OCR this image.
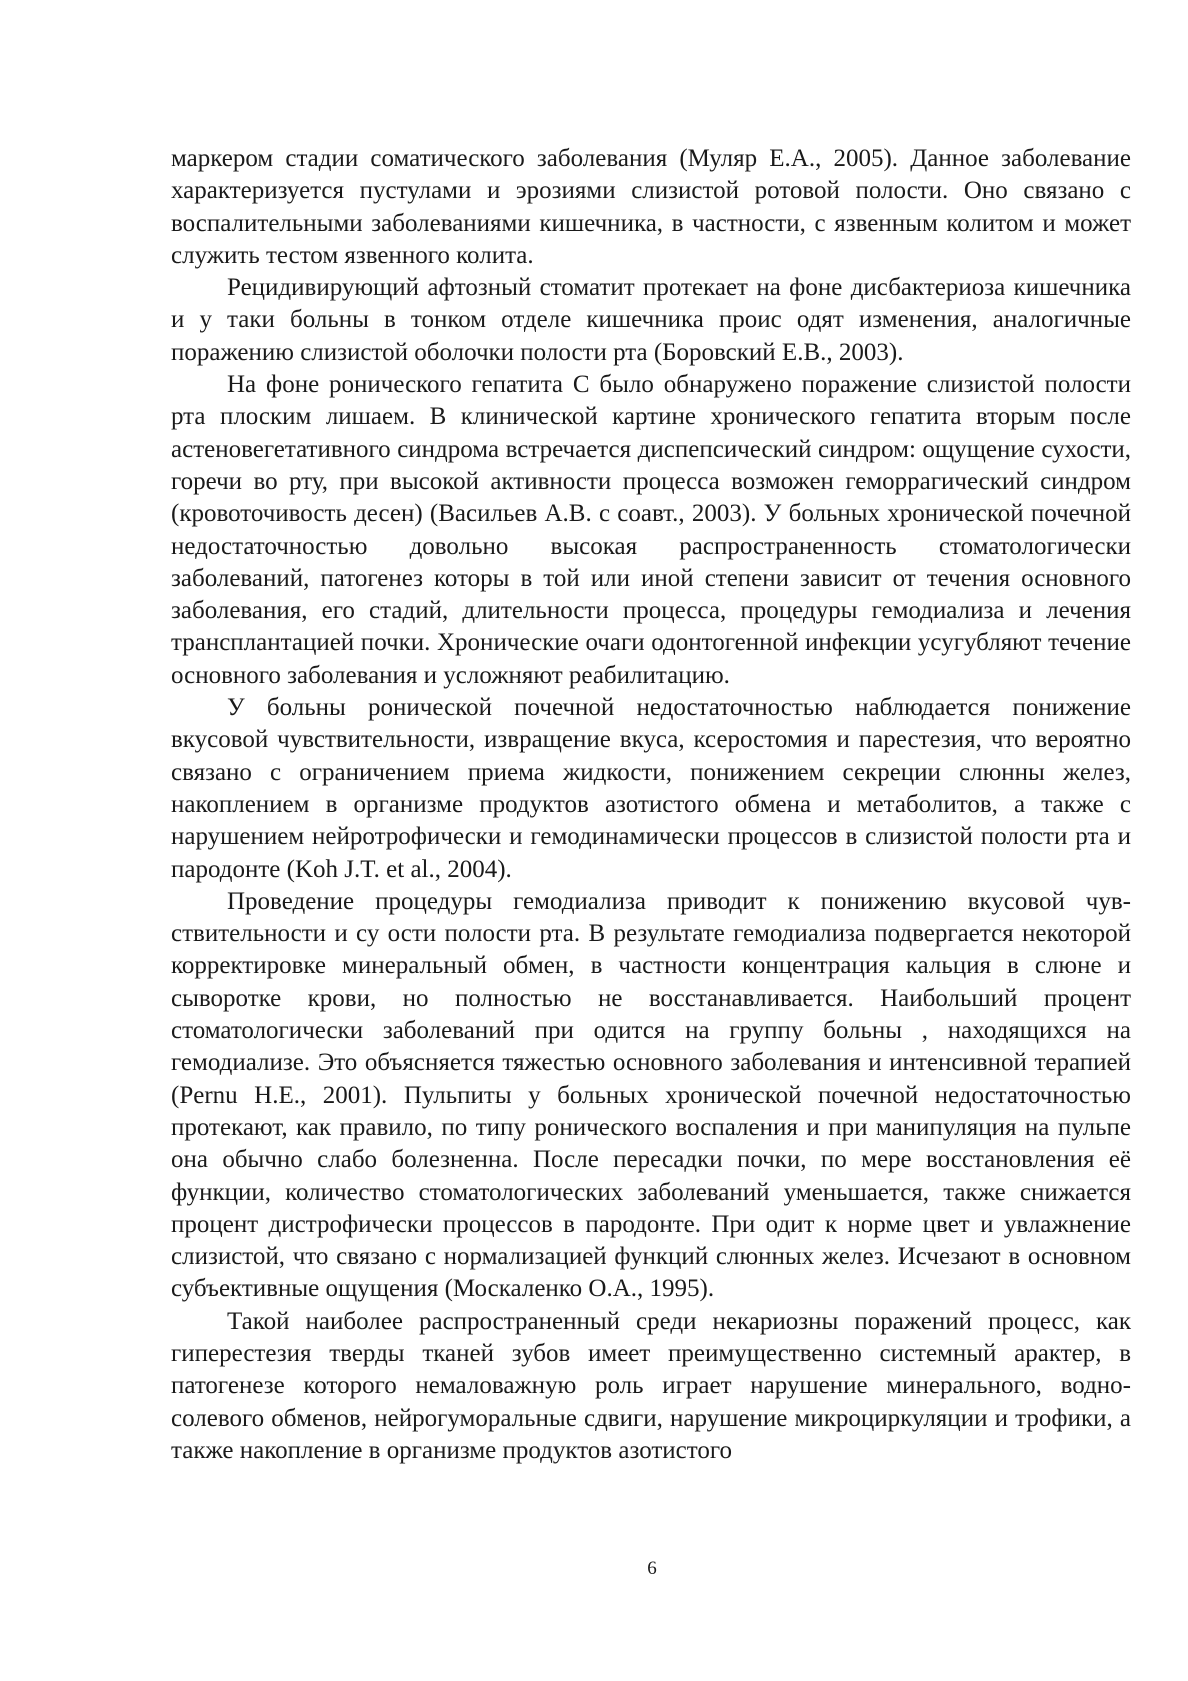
маркером стадии соматического заболевания (Муляр Е.А., 2005). Данное заболевание характеризуется пустулами и эрозиями слизистой ротовой полости. Оно связано с воспалительными заболеваниями кишечника, в частности, с язвенным колитом и может служить тестом язвенного колита.

Рецидивирующий афтозный стоматит протекает на фоне дисбактериоза кишечника и у таки больны в тонком отделе кишечника проис одят изменения, аналогичные поражению слизистой оболочки полости рта (Боровский Е.В., 2003).

На фоне ронического гепатита С было обнаружено поражение слизистой полости рта плоским лишаем. В клинической картине хронического гепатита вторым после астеновегетативного синдрома встречается диспепсический синдром: ощущение сухости, горечи во рту, при высокой активности процесса возможен геморрагический синдром (кровоточивость десен) (Васильев А.В. с соавт., 2003). У больных хронической почечной недостаточностью довольно высокая распространенность стоматологически заболеваний, патогенез которы в той или иной степени зависит от течения основного заболевания, его стадий, длительности процесса, процедуры гемодиализа и лечения трансплантацией почки. Хронические очаги одонтогенной инфекции усугубляют течение основного заболевания и усложняют реабилитацию.

У больны ронической почечной недостаточностью наблюдается понижение вкусовой чувствительности, извращение вкуса, ксеростомия и парестезия, что вероятно связано с ограничением приема жидкости, понижением секреции слюнны желез, накоплением в организме продуктов азотистого обмена и метаболитов, а также с нарушением нейротрофически и гемодинамически процессов в слизистой полости рта и пародонте (Koh J.T. et al., 2004).

Проведение процедуры гемодиализа приводит к понижению вкусовой чувствительности и су ости полости рта. В результате гемодиализа подвергается некоторой корректировке минеральный обмен, в частности концентрация кальция в слюне и сыворотке крови, но полностью не восстанавливается. Наибольший процент стоматологически заболеваний при одится на группу больны , находящихся на гемодиализе. Это объясняется тяжестью основного заболевания и интенсивной терапией (Pernu H.E., 2001). Пульпиты у больных хронической почечной недостаточностью протекают, как правило, по типу ронического воспаления и при манипуляция на пульпе она обычно слабо болезненна. После пересадки почки, по мере восстановления её функции, количество стоматологических заболеваний уменьшается, также снижается процент дистрофически процессов в пародонте. При одит к норме цвет и увлажнение слизистой, что связано с нормализацией функций слюнных желез. Исчезают в основном субъективные ощущения (Москаленко О.А., 1995).

Такой наиболее распространенный среди некариозны поражений процесс, как гиперестезия тверды тканей зубов имеет преимущественно системный арактер, в патогенезе которого немаловажную роль играет нарушение минерального, водно-солевого обменов, нейрогуморальные сдвиги, нарушение микроциркуляции и трофики, а также накопление в организме продуктов азотистого

6
